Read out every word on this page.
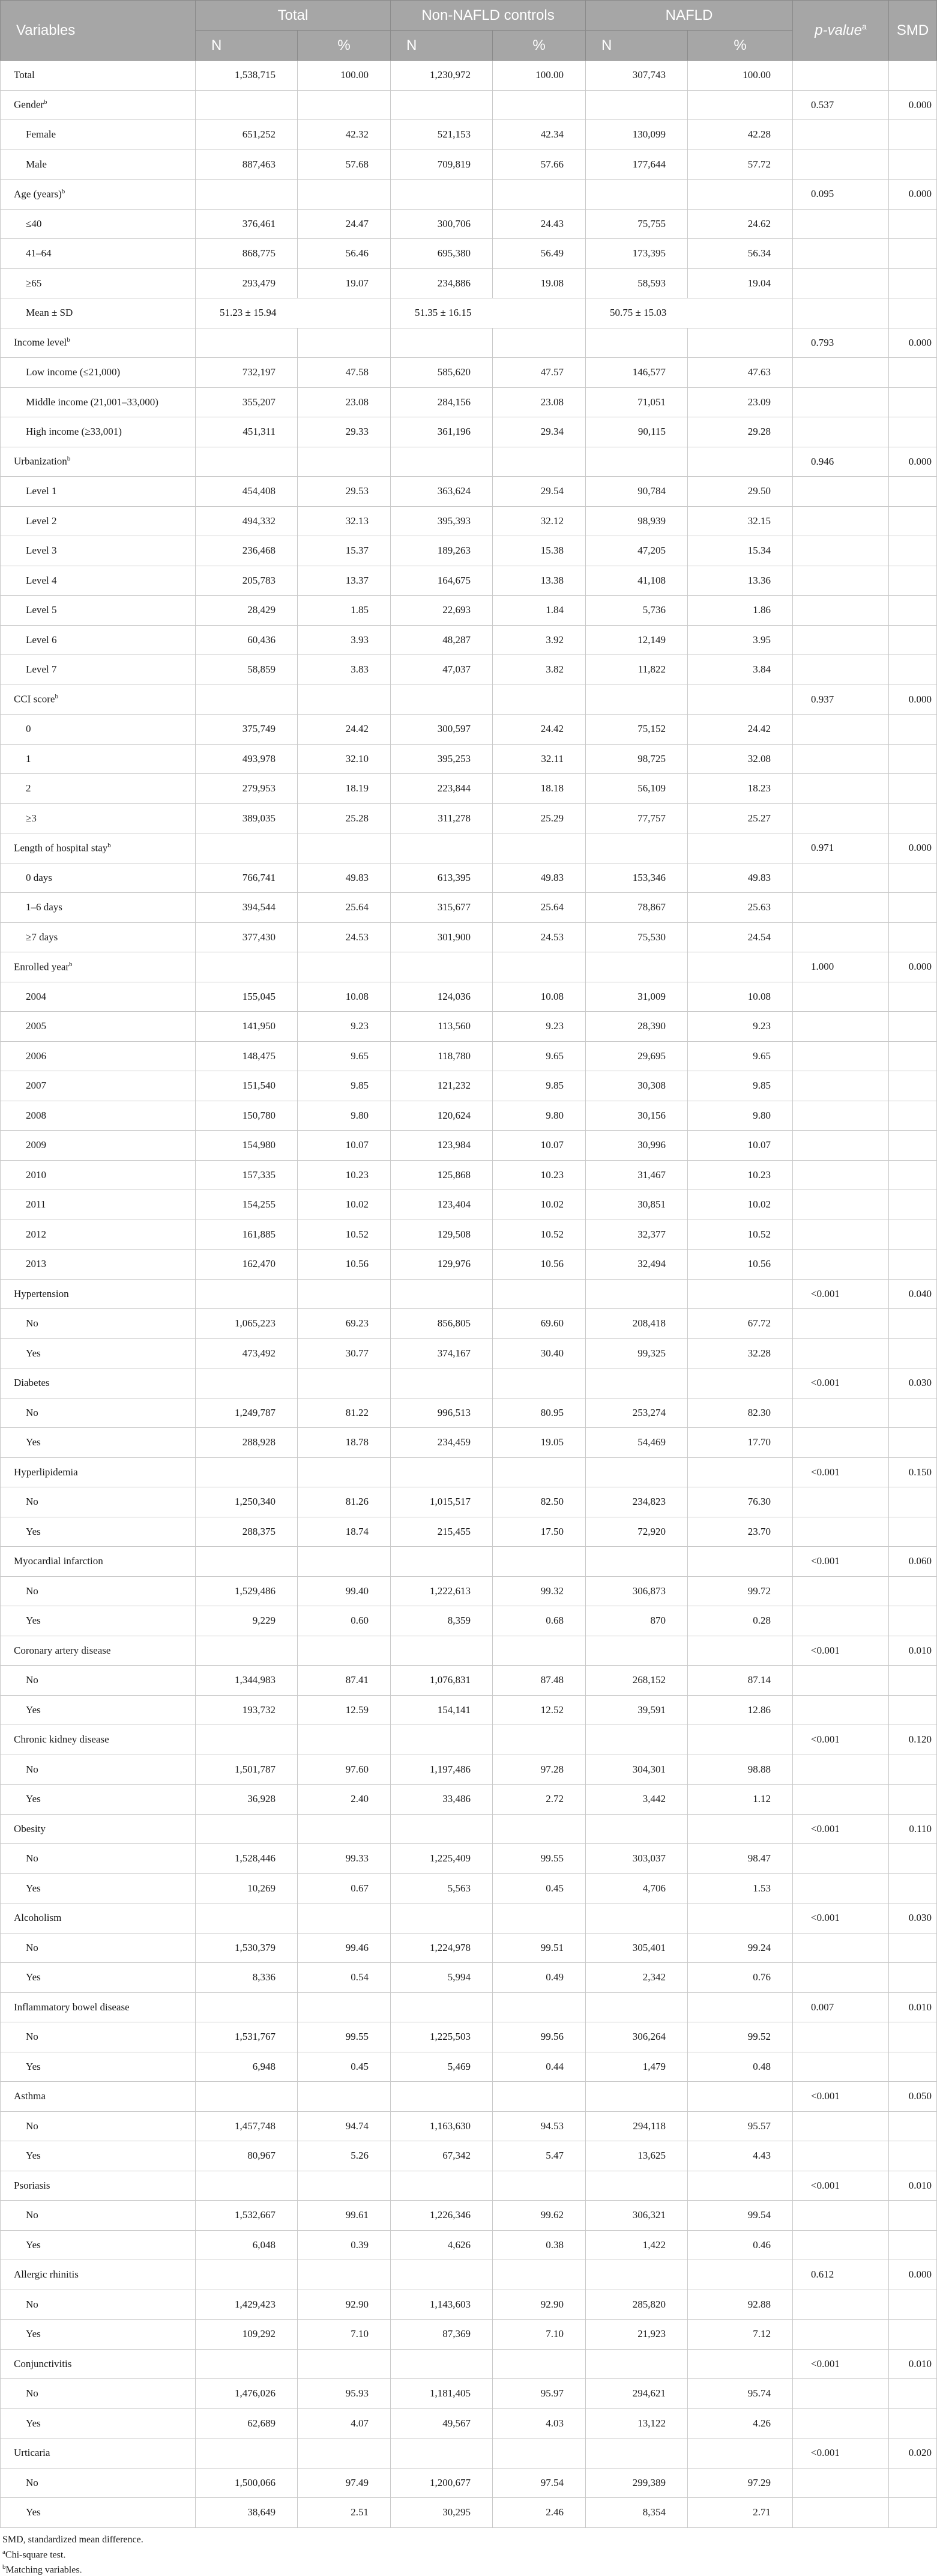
Variables	Total		Non-NAFLD controls		NAFLD		p-value$^a$	SMD
	N	%	N	%	N	%		
Total	1,538,715	100.00	1,230,972	100.00	307,743	100.00		
Gender$^b$							0.537	0.000
Female	651,252	42.32	521,153	42.34	130,099	42.28		
Male	887,463	57.68	709,819	57.66	177,644	57.72		
Age (years)$^b$							0.095	0.000
≤40	376,461	24.47	300,706	24.43	75,755	24.62		
41–64	868,775	56.46	695,380	56.49	173,395	56.34		
≥65	293,479	19.07	234,886	19.08	58,593	19.04		
Mean ± SD	51.23 ± 15.94		51.35 ± 16.15		50.75 ± 15.03			
Income level$^b$							0.793	0.000
Low income (≤21,000)	732,197	47.58	585,620	47.57	146,577	47.63		
Middle income (21,001–33,000)	355,207	23.08	284,156	23.08	71,051	23.09		
High income (≥33,001)	451,311	29.33	361,196	29.34	90,115	29.28		
Urbanization$^b$							0.946	0.000
Level 1	454,408	29.53	363,624	29.54	90,784	29.50		
Level 2	494,332	32.13	395,393	32.12	98,939	32.15		
Level 3	236,468	15.37	189,263	15.38	47,205	15.34		
Level 4	205,783	13.37	164,675	13.38	41,108	13.36		
Level 5	28,429	1.85	22,693	1.84	5,736	1.86		
Level 6	60,436	3.93	48,287	3.92	12,149	3.95		
Level 7	58,859	3.83	47,037	3.82	11,822	3.84		
CCI score$^b$							0.937	0.000
0	375,749	24.42	300,597	24.42	75,152	24.42		
1	493,978	32.10	395,253	32.11	98,725	32.08		
2	279,953	18.19	223,844	18.18	56,109	18.23		
≥3	389,035	25.28	311,278	25.29	77,757	25.27		
Length of hospital stay$^b$							0.971	0.000
0 days	766,741	49.83	613,395	49.83	153,346	49.83		
1–6 days	394,544	25.64	315,677	25.64	78,867	25.63		
≥7 days	377,430	24.53	301,900	24.53	75,530	24.54		
Enrolled year$^b$							1.000	0.000
2004	155,045	10.08	124,036	10.08	31,009	10.08		
2005	141,950	9.23	113,560	9.23	28,390	9.23		
2006	148,475	9.65	118,780	9.65	29,695	9.65		
2007	151,540	9.85	121,232	9.85	30,308	9.85		
2008	150,780	9.80	120,624	9.80	30,156	9.80		
2009	154,980	10.07	123,984	10.07	30,996	10.07		
2010	157,335	10.23	125,868	10.23	31,467	10.23		
2011	154,255	10.02	123,404	10.02	30,851	10.02		
2012	161,885	10.52	129,508	10.52	32,377	10.52		
2013	162,470	10.56	129,976	10.56	32,494	10.56		
Hypertension							<0.001	0.040
No	1,065,223	69.23	856,805	69.60	208,418	67.72		
Yes	473,492	30.77	374,167	30.40	99,325	32.28		
Diabetes							<0.001	0.030
No	1,249,787	81.22	996,513	80.95	253,274	82.30		
Yes	288,928	18.78	234,459	19.05	54,469	17.70		
Hyperlipidemia							<0.001	0.150
No	1,250,340	81.26	1,015,517	82.50	234,823	76.30		
Yes	288,375	18.74	215,455	17.50	72,920	23.70		
Myocardial infarction							<0.001	0.060
No	1,529,486	99.40	1,222,613	99.32	306,873	99.72		
Yes	9,229	0.60	8,359	0.68	870	0.28		
Coronary artery disease							<0.001	0.010
No	1,344,983	87.41	1,076,831	87.48	268,152	87.14		
Yes	193,732	12.59	154,141	12.52	39,591	12.86		
Chronic kidney disease							<0.001	0.120
No	1,501,787	97.60	1,197,486	97.28	304,301	98.88		
Yes	36,928	2.40	33,486	2.72	3,442	1.12		
Obesity							<0.001	0.110
No	1,528,446	99.33	1,225,409	99.55	303,037	98.47		
Yes	10,269	0.67	5,563	0.45	4,706	1.53		
Alcoholism							<0.001	0.030
No	1,530,379	99.46	1,224,978	99.51	305,401	99.24		
Yes	8,336	0.54	5,994	0.49	2,342	0.76		
Inflammatory bowel disease							0.007	0.010
No	1,531,767	99.55	1,225,503	99.56	306,264	99.52		
Yes	6,948	0.45	5,469	0.44	1,479	0.48		
Asthma							<0.001	0.050
No	1,457,748	94.74	1,163,630	94.53	294,118	95.57		
Yes	80,967	5.26	67,342	5.47	13,625	4.43		
Psoriasis							<0.001	0.010
No	1,532,667	99.61	1,226,346	99.62	306,321	99.54		
Yes	6,048	0.39	4,626	0.38	1,422	0.46		
Allergic rhinitis							0.612	0.000
No	1,429,423	92.90	1,143,603	92.90	285,820	92.88		
Yes	109,292	7.10	87,369	7.10	21,923	7.12		
Conjunctivitis							<0.001	0.010
No	1,476,026	95.93	1,181,405	95.97	294,621	95.74		
Yes	62,689	4.07	49,567	4.03	13,122	4.26		
Urticaria							<0.001	0.020
No	1,500,066	97.49	1,200,677	97.54	299,389	97.29		
Yes	38,649	2.51	30,295	2.46	8,354	2.71		
SMD, standardized mean difference.
$^a$Chi-square test.
$^b$Matching variables.
